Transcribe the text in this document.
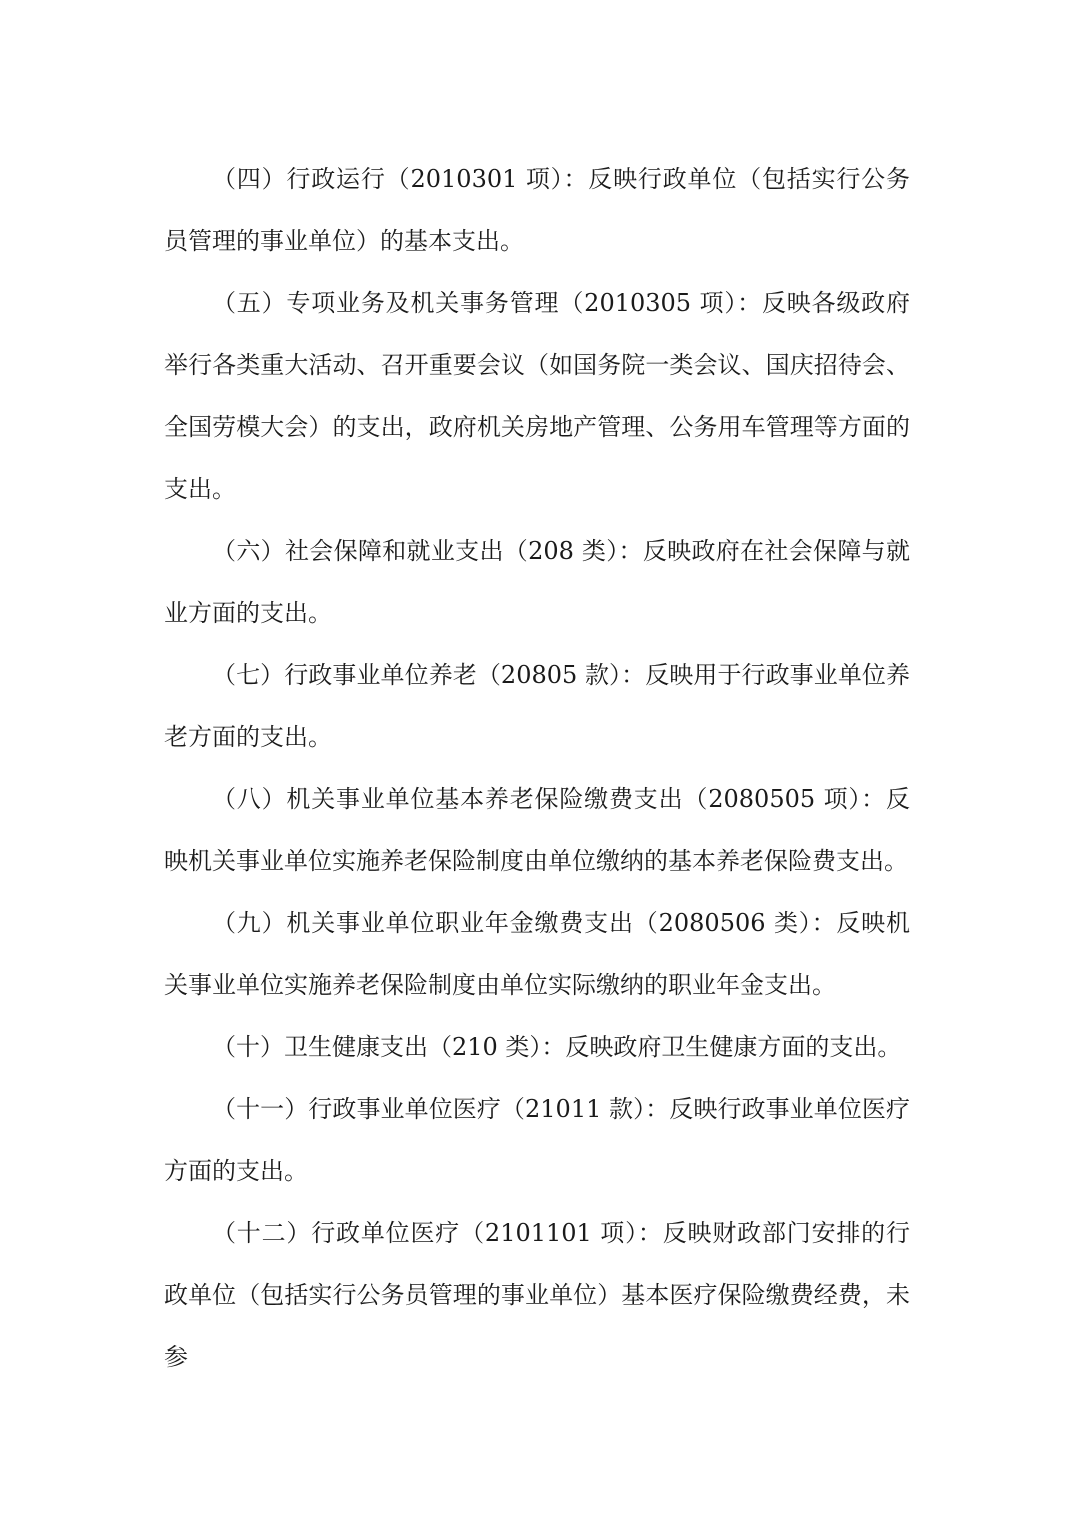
（四）行政运行（2010301 项）：反映行政单位（包括实行公务员管理的事业单位）的基本支出。

（五）专项业务及机关事务管理（2010305 项）：反映各级政府举行各类重大活动、召开重要会议（如国务院一类会议、国庆招待会、全国劳模大会）的支出，政府机关房地产管理、公务用车管理等方面的支出。

（六）社会保障和就业支出（208 类）：反映政府在社会保障与就业方面的支出。

（七）行政事业单位养老（20805 款）：反映用于行政事业单位养老方面的支出。

（八）机关事业单位基本养老保险缴费支出（2080505 项）：反映机关事业单位实施养老保险制度由单位缴纳的基本养老保险费支出。

（九）机关事业单位职业年金缴费支出（2080506 类）：反映机关事业单位实施养老保险制度由单位实际缴纳的职业年金支出。

（十）卫生健康支出（210 类）：反映政府卫生健康方面的支出。

（十一）行政事业单位医疗（21011 款）：反映行政事业单位医疗方面的支出。

（十二）行政单位医疗（2101101 项）：反映财政部门安排的行政单位（包括实行公务员管理的事业单位）基本医疗保险缴费经费，未参
